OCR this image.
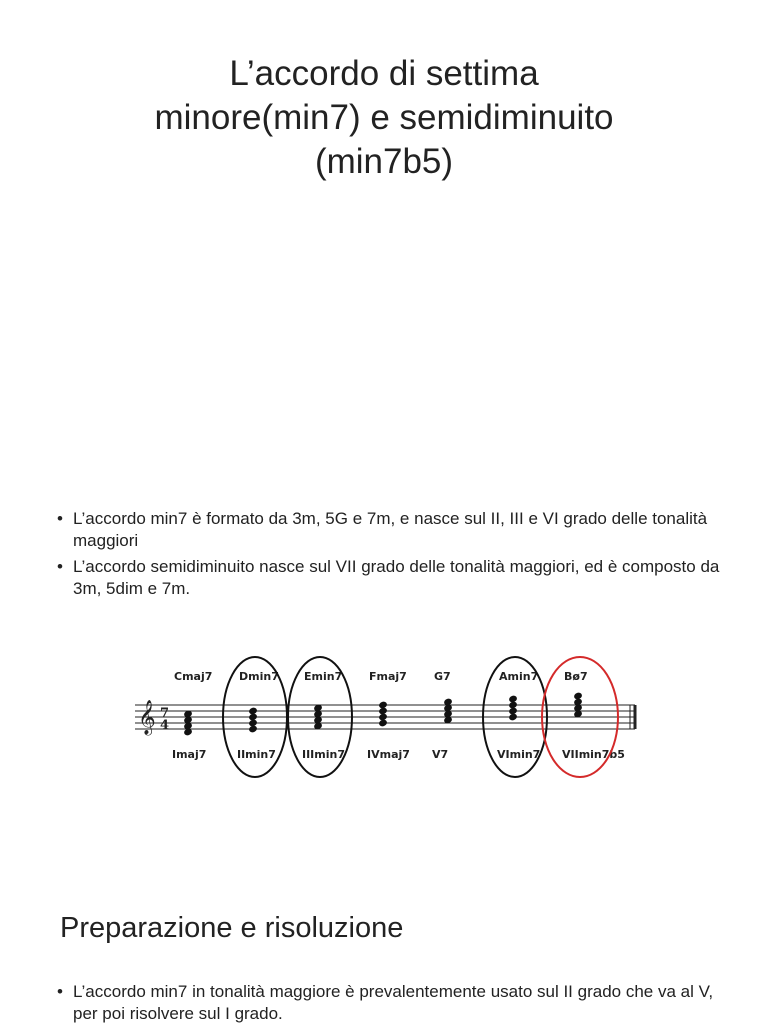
L’accordo di settima
minore(min7) e semidiminuito
(min7b5)
• L’accordo min7 è formato da 3m, 5G e 7m, e nasce sul II, III e VI grado delle tonalità maggiori
• L’accordo semidiminuito nasce sul VII grado delle tonalità maggiori, ed è composto da 3m, 5dim e 7m.
𝄞 7
4
Cmaj7
Imaj7
Dmin7
IImin7
Emin7
IIImin7
Fmaj7
IVmaj7
G7
V7
Amin7
VImin7
Bø7
VIImin7b5
Preparazione e risoluzione
• L’accordo min7 in tonalità maggiore è prevalentemente usato sul II grado che va al V, per poi risolvere sul I grado.
